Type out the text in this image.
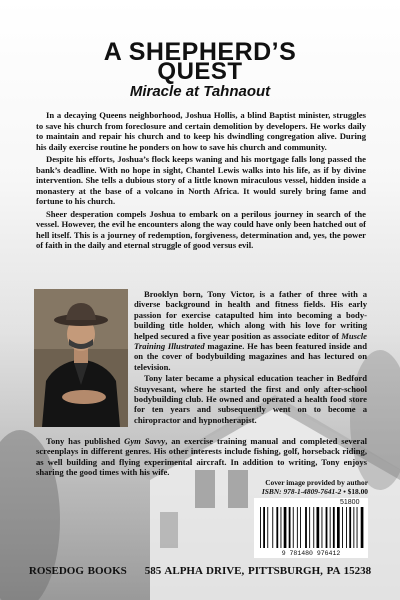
A SHEPHERD’S
QUEST
Miracle at Tahnaout

In a decaying Queens neighborhood, Joshua Hollis, a blind Baptist minister, struggles to save his church from foreclosure and certain demolition by developers. He works daily to maintain and repair his church and to keep his dwindling congregation alive. During his daily exercise routine he ponders on how to save his church and community.

Despite his efforts, Joshua’s flock keeps waning and his mortgage falls long passed the bank’s deadline. With no hope in sight, Chantel Lewis walks into his life, as if by divine intervention. She tells a dubious story of a little known miraculous vessel, hidden inside a monastery at the base of a volcano in North Africa. It would surely bring fame and fortune to his church.

Sheer desperation compels Joshua to embark on a perilous journey in search of the vessel. However, the evil he encounters along the way could have only been hatched out of hell itself. This is a journey of redemption, forgiveness, determination and, yes, the power of faith in the daily and eternal struggle of good versus evil.

Brooklyn born, Tony Victor, is a father of three with a diverse background in health and fitness fields. His early passion for exercise catapulted him into becoming a body-building title holder, which along with his love for writing helped secured a five year position as associate editor of Muscle Training Illustrated magazine. He has been featured inside and on the cover of bodybuilding magazines and has lectured on television.

Tony later became a physical education teacher in Bedford Stuyvesant, where he started the first and only after-school bodybuilding club. He owned and operated a health food store for ten years and subsequently went on to become a chiropractor and hypnotherapist.

Tony has published Gym Savvy, an exercise training manual and completed several screenplays in different genres. His other interests include fishing, golf, horseback riding, as well building and flying experimental aircraft. In addition to writing, Tony enjoys sharing the good times with his wife.

Cover image provided by author
ISBN: 978-1-4809-7641-2 • $18.00
51800
9 781480 976412
ROSEDOG BOOKS 585 ALPHA DRIVE, PITTSBURGH, PA 15238
